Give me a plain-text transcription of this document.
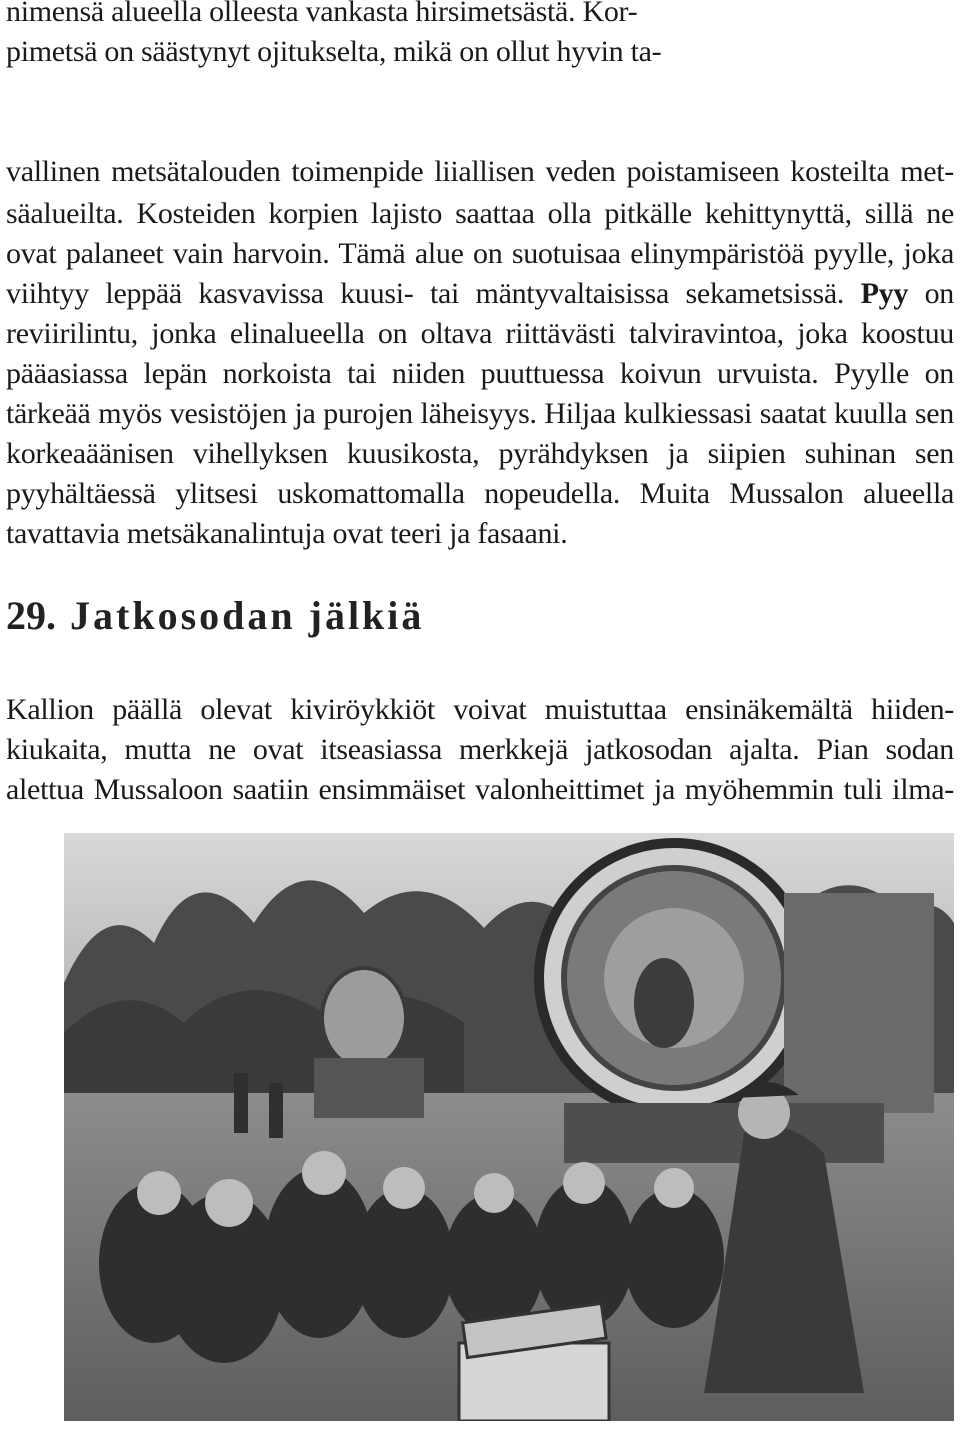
nimensä alueella olleesta vankasta hirsimetsästä. Kor-
pimetsä on säästynyt ojitukselta, mikä on ollut hyvin ta-
vallinen metsätalouden toimenpide liiallisen veden poistamiseen kosteilta met-
säalueilta. Kosteiden korpien lajisto saattaa olla pitkälle kehittynyttä, sillä ne
ovat palaneet vain harvoin. Tämä alue on suotuisaa elinympäristöä pyylle, joka
viihtyy leppää kasvavissa kuusi- tai mäntyvaltaisissa sekametsissä. Pyy on
reviirilintu, jonka elinalueella on oltava riittävästi talviravintoa, joka koostuu
pääasiassa lepän norkoista tai niiden puuttuessa koivun urvuista. Pyylle on
tärkeää myös vesistöjen ja purojen läheisyys. Hiljaa kulkiessasi saatat kuulla sen
korkeaäänisen vihellyksen kuusikosta, pyrähdyksen ja siipien suhinan sen
pyyhältäessä ylitsesi uskomattomalla nopeudella. Muita Mussalon alueella
tavattavia metsäkanalintuja ovat teeri ja fasaani.
29. Jatkosodan jälkiä
Kallion päällä olevat kiviröykkiöt voivat muistuttaa ensinäkemältä hiiden-
kiukaita, mutta ne ovat itseasiassa merkkejä jatkosodan ajalta. Pian sodan
alettua Mussaloon saatiin ensimmäiset valonheittimet ja myöhemmin tuli ilma-
